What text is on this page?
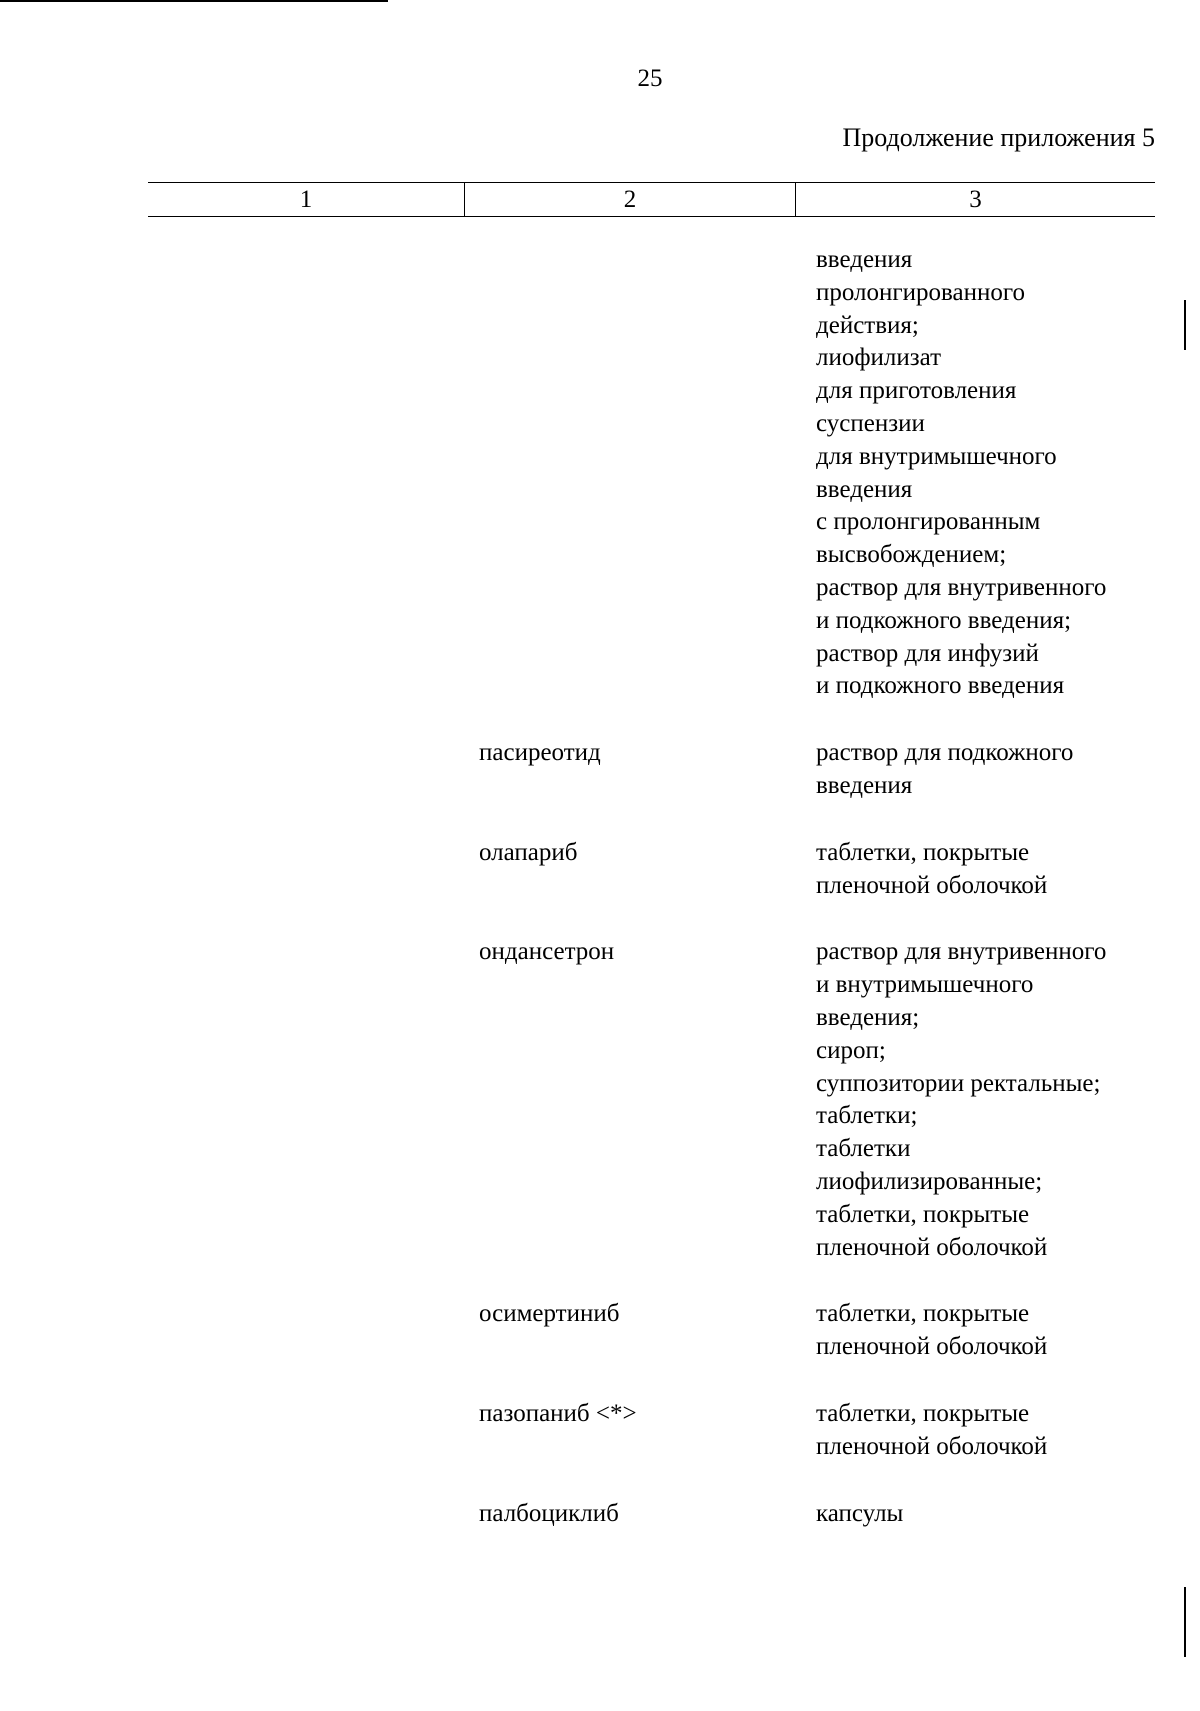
25
Продолжение приложения 5
1	2	3
введения
пролонгированного
действия;
лиофилизат
для приготовления
суспензии
для внутримышечного
введения
с пролонгированным
высвобождением;
раствор для внутривенного
и подкожного введения;
раствор для инфузий
и подкожного введения
пасиреотид	раствор для подкожного
введения
олапариб	таблетки, покрытые
пленочной оболочкой
ондансетрон	раствор для внутривенного
и внутримышечного
введения;
сироп;
суппозитории ректальные;
таблетки;
таблетки
лиофилизированные;
таблетки, покрытые
пленочной оболочкой
осимертиниб	таблетки, покрытые
пленочной оболочкой
пазопаниб <*>	таблетки, покрытые
пленочной оболочкой
палбоциклиб	капсулы
